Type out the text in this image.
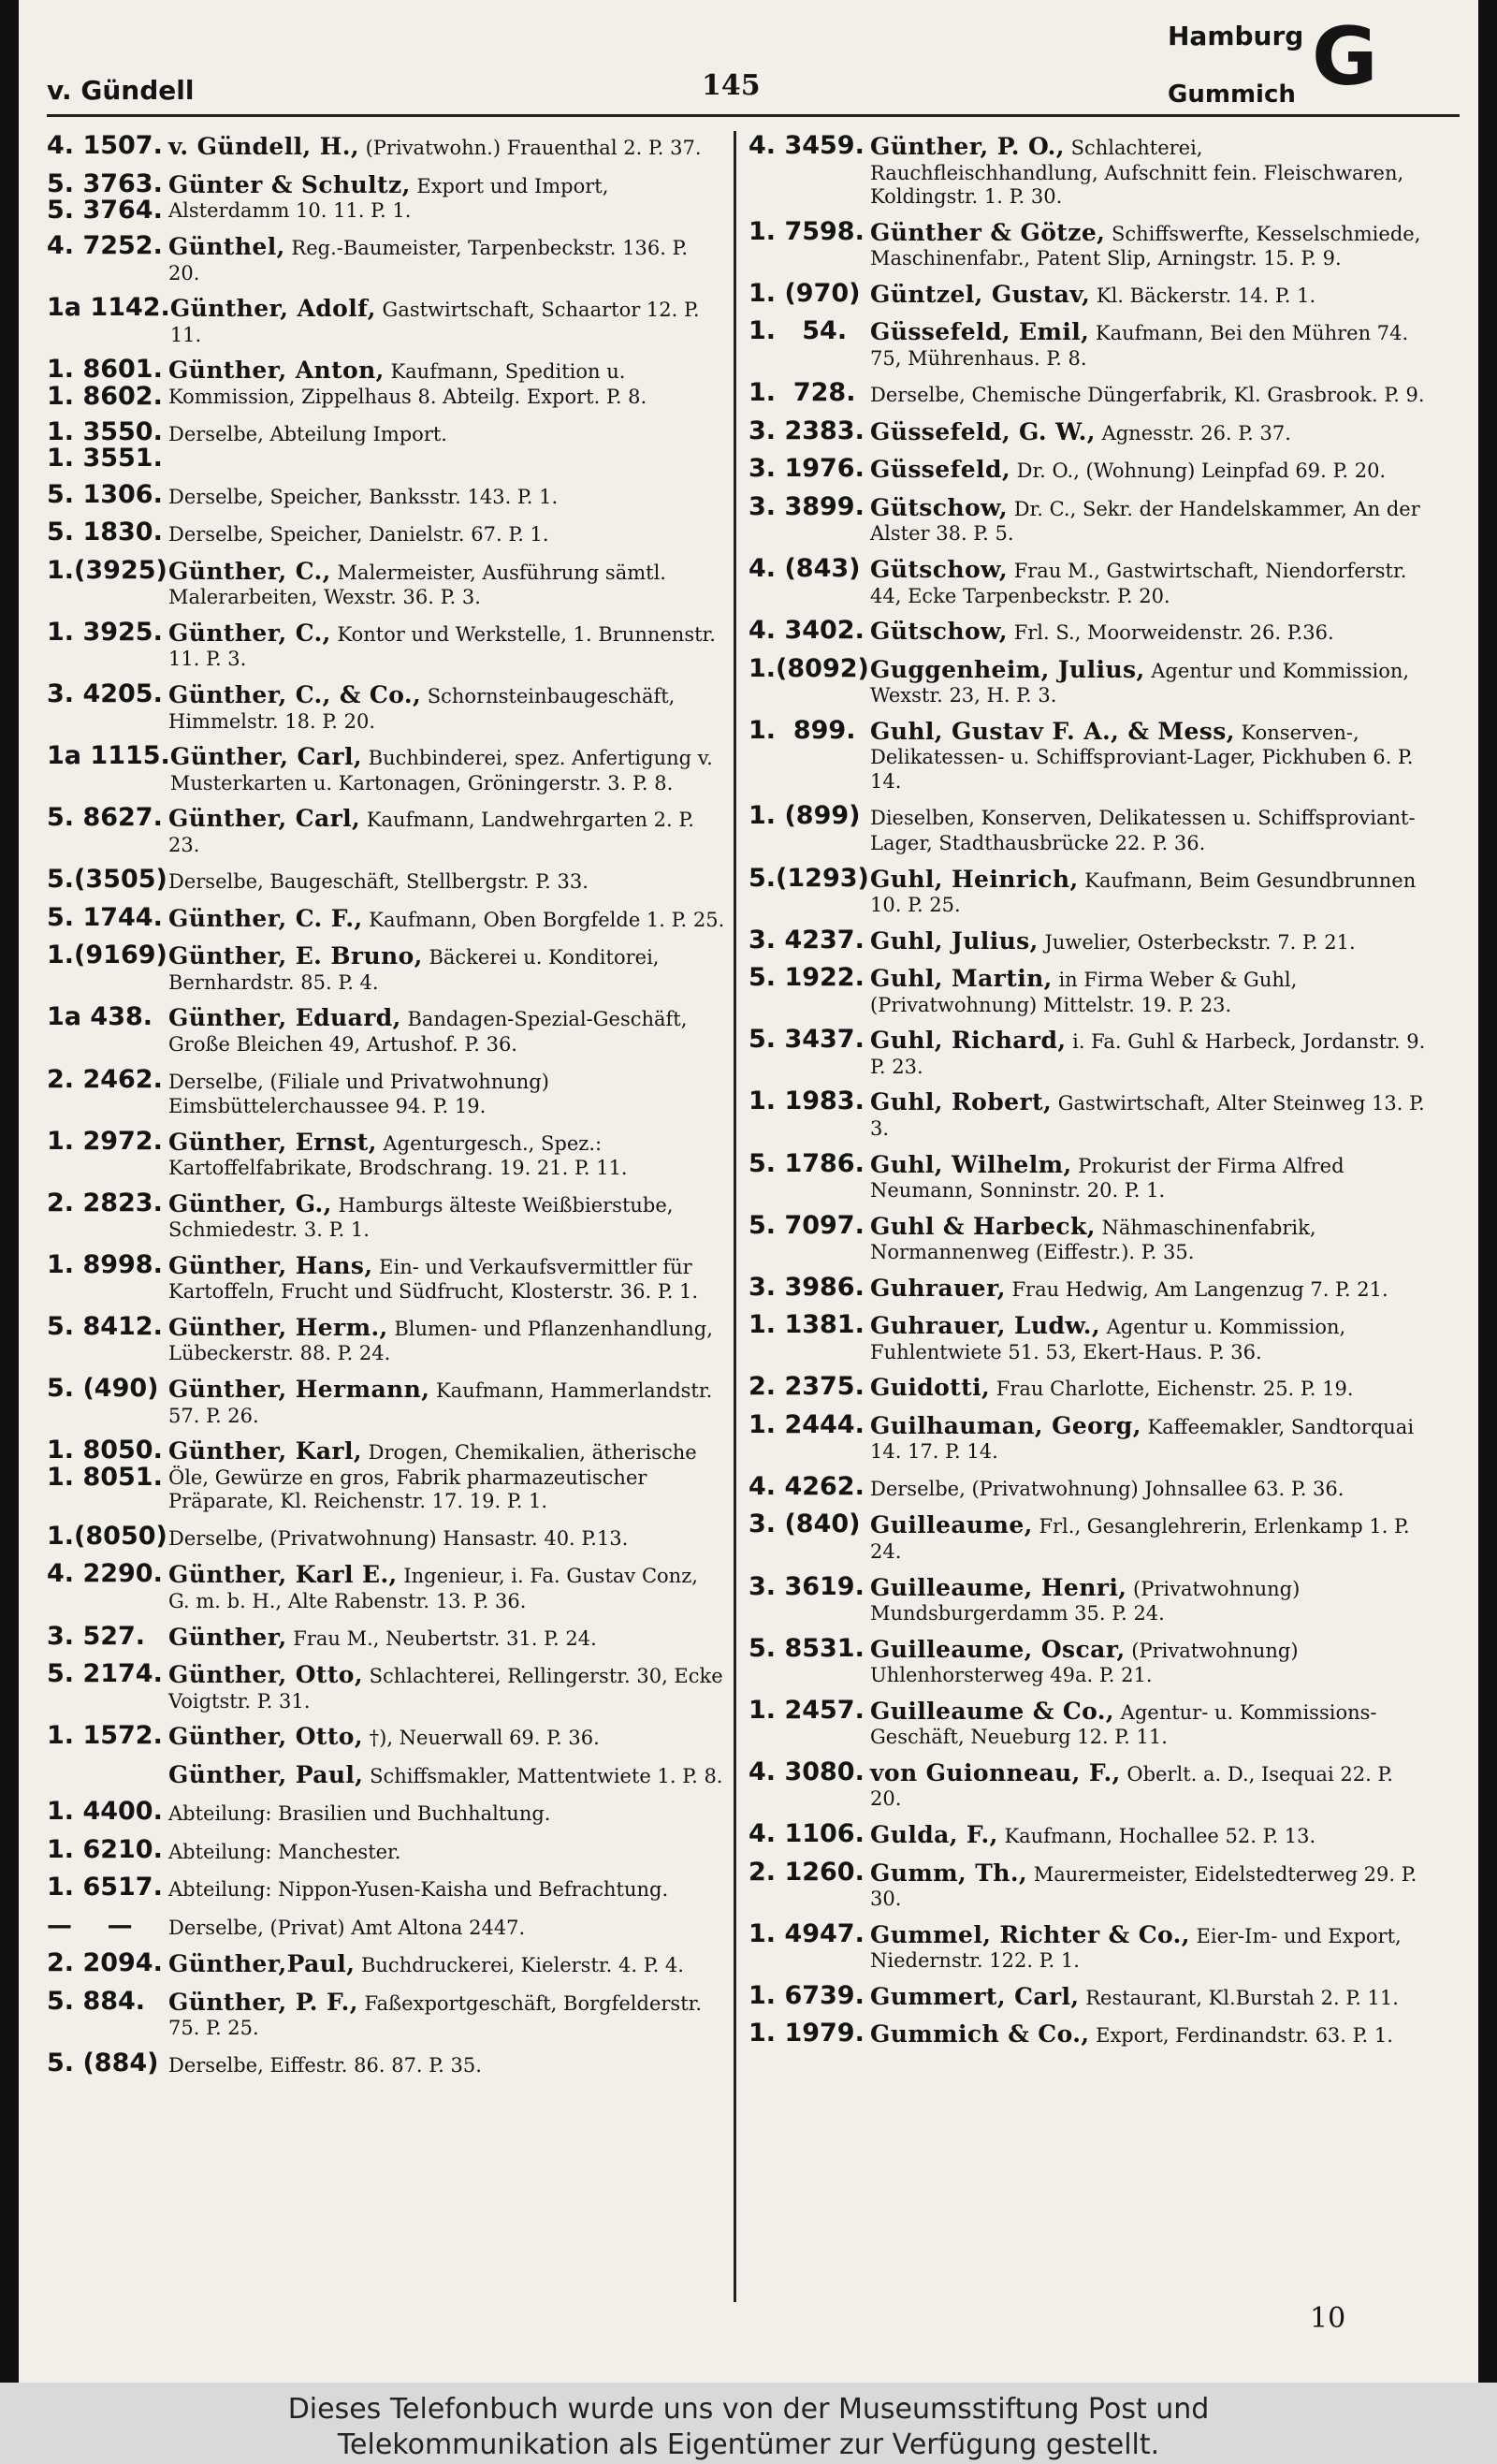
v. Gündell	145
Hamburg
Gummich G
4. 1507. v. Gündell, H., (Privatwohn.) Frauenthal 2. P. 37.
5. 3763.
5. 3764.
Günter & Schultz, Export und Import, Alsterdamm 10. 11. P. 1.
4. 7252. Günthel, Reg.-Baumeister, Tarpenbeckstr. 136. P. 20.
1a 1142. Günther, Adolf, Gastwirtschaft, Schaartor 12. P. 11.
1. 8601.
1. 8602.
Günther, Anton, Kaufmann, Spedition u. Kommission, Zippelhaus 8. Abteilg. Export. P. 8.
1. 3550.
1. 3551.
Derselbe, Abteilung Import.
5. 1306. Derselbe, Speicher, Banksstr. 143. P. 1.
5. 1830. Derselbe, Speicher, Danielstr. 67. P. 1.
1.(3925) Günther, C., Malermeister, Ausführung sämtl. Malerarbeiten, Wexstr. 36. P. 3.
1. 3925. Günther, C., Kontor und Werkstelle, 1. Brunnenstr. 11. P. 3.
3. 4205. Günther, C., & Co., Schornsteinbaugeschäft, Himmelstr. 18. P. 20.
1a 1115. Günther, Carl, Buchbinderei, spez. Anfertigung v. Musterkarten u. Kartonagen, Gröningerstr. 3. P. 8.
5. 8627. Günther, Carl, Kaufmann, Landwehrgarten 2. P. 23.
5.(3505) Derselbe, Baugeschäft, Stellbergstr. P. 33.
5. 1744. Günther, C. F., Kaufmann, Oben Borgfelde 1. P. 25.
1.(9169) Günther, E. Bruno, Bäckerei u. Konditorei, Bernhardstr. 85. P. 4.
1a 438. Günther, Eduard, Bandagen-Spezial-Geschäft, Große Bleichen 49, Artushof. P. 36.
2. 2462. Derselbe, (Filiale und Privatwohnung) Eimsbüttelerchaussee 94. P. 19.
1. 2972. Günther, Ernst, Agenturgesch., Spez.: Kartoffelfabrikate, Brodschrang. 19. 21. P. 11.
2. 2823. Günther, G., Hamburgs älteste Weißbierstube, Schmiedestr. 3. P. 1.
1. 8998. Günther, Hans, Ein- und Verkaufsvermittler für Kartoffeln, Frucht und Südfrucht, Klosterstr. 36. P. 1.
5. 8412. Günther, Herm., Blumen- und Pflanzenhandlung, Lübeckerstr. 88. P. 24.
5. (490) Günther, Hermann, Kaufmann, Hammerlandstr. 57. P. 26.
1. 8050.
1. 8051.
Günther, Karl, Drogen, Chemikalien, ätherische Öle, Gewürze en gros, Fabrik pharmazeutischer Präparate, Kl. Reichenstr. 17. 19. P. 1.
1.(8050) Derselbe, (Privatwohnung) Hansastr. 40. P.13.
4. 2290. Günther, Karl E., Ingenieur, i. Fa. Gustav Conz, G. m. b. H., Alte Rabenstr. 13. P. 36.
3. 527. Günther, Frau M., Neubertstr. 31. P. 24.
5. 2174. Günther, Otto, Schlachterei, Rellingerstr. 30, Ecke Voigtstr. P. 31.
1. 1572. Günther, Otto, †), Neuerwall 69. P. 36.
Günther, Paul, Schiffsmakler, Mattentwiete 1. P. 8.
1. 4400. Abteilung: Brasilien und Buchhaltung.
1. 6210. Abteilung: Manchester.
1. 6517. Abteilung: Nippon-Yusen-Kaisha und Befrachtung.
—    —	Derselbe, (Privat) Amt Altona 2447.
2. 2094. Günther,Paul, Buchdruckerei, Kielerstr. 4. P. 4.
5. 884. Günther, P. F., Faßexportgeschäft, Borgfelderstr. 75. P. 25.
5. (884) Derselbe, Eiffestr. 86. 87. P. 35.
4. 3459. Günther, P. O., Schlachterei, Rauchfleischhandlung, Aufschnitt fein. Fleischwaren, Koldingstr. 1. P. 30.
1. 7598. Günther & Götze, Schiffswerfte, Kesselschmiede, Maschinenfabr., Patent Slip, Arningstr. 15. P. 9.
1. (970) Güntzel, Gustav, Kl. Bäckerstr. 14. P. 1.
1.   54. Güssefeld, Emil, Kaufmann, Bei den Mühren 74. 75, Mührenhaus. P. 8.
1.  728. Derselbe, Chemische Düngerfabrik, Kl. Grasbrook. P. 9.
3. 2383. Güssefeld, G. W., Agnesstr. 26. P. 37.
3. 1976. Güssefeld, Dr. O., (Wohnung) Leinpfad 69. P. 20.
3. 3899. Gütschow, Dr. C., Sekr. der Handelskammer, An der Alster 38. P. 5.
4. (843) Gütschow, Frau M., Gastwirtschaft, Niendorferstr. 44, Ecke Tarpenbeckstr. P. 20.
4. 3402. Gütschow, Frl. S., Moorweidenstr. 26. P.36.
1.(8092) Guggenheim, Julius, Agentur und Kommission, Wexstr. 23, H. P. 3.
1.  899. Guhl, Gustav F. A., & Mess, Konserven-, Delikatessen- u. Schiffsproviant-Lager, Pickhuben 6. P. 14.
1. (899) Dieselben, Konserven, Delikatessen u. Schiffsproviant-Lager, Stadthausbrücke 22. P. 36.
5.(1293) Guhl, Heinrich, Kaufmann, Beim Gesundbrunnen 10. P. 25.
3. 4237. Guhl, Julius, Juwelier, Osterbeckstr. 7. P. 21.
5. 1922. Guhl, Martin, in Firma Weber & Guhl, (Privatwohnung) Mittelstr. 19. P. 23.
5. 3437. Guhl, Richard, i. Fa. Guhl & Harbeck, Jordanstr. 9. P. 23.
1. 1983. Guhl, Robert, Gastwirtschaft, Alter Steinweg 13. P. 3.
5. 1786. Guhl, Wilhelm, Prokurist der Firma Alfred Neumann, Sonninstr. 20. P. 1.
5. 7097. Guhl & Harbeck, Nähmaschinenfabrik, Normannenweg (Eiffestr.). P. 35.
3. 3986. Guhrauer, Frau Hedwig, Am Langenzug 7. P. 21.
1. 1381. Guhrauer, Ludw., Agentur u. Kommission, Fuhlentwiete 51. 53, Ekert-Haus. P. 36.
2. 2375. Guidotti, Frau Charlotte, Eichenstr. 25. P. 19.
1. 2444. Guilhauman, Georg, Kaffeemakler, Sandtorquai 14. 17. P. 14.
4. 4262. Derselbe, (Privatwohnung) Johnsallee 63. P. 36.
3. (840) Guilleaume, Frl., Gesanglehrerin, Erlenkamp 1. P. 24.
3. 3619. Guilleaume, Henri, (Privatwohnung) Mundsburgerdamm 35. P. 24.
5. 8531. Guilleaume, Oscar, (Privatwohnung) Uhlenhorsterweg 49a. P. 21.
1. 2457. Guilleaume & Co., Agentur- u. Kommissions-Geschäft, Neueburg 12. P. 11.
4. 3080. von Guionneau, F., Oberlt. a. D., Isequai 22. P. 20.
4. 1106. Gulda, F., Kaufmann, Hochallee 52. P. 13.
2. 1260. Gumm, Th., Maurermeister, Eidelstedterweg 29. P. 30.
1. 4947. Gummel, Richter & Co., Eier-Im- und Export, Niedernstr. 122. P. 1.
1. 6739. Gummert, Carl, Restaurant, Kl.Burstah 2. P. 11.
1. 1979. Gummich & Co., Export, Ferdinandstr. 63. P. 1.
10
Dieses Telefonbuch wurde uns von der Museumsstiftung Post und
Telekommunikation als Eigentümer zur Verfügung gestellt.
